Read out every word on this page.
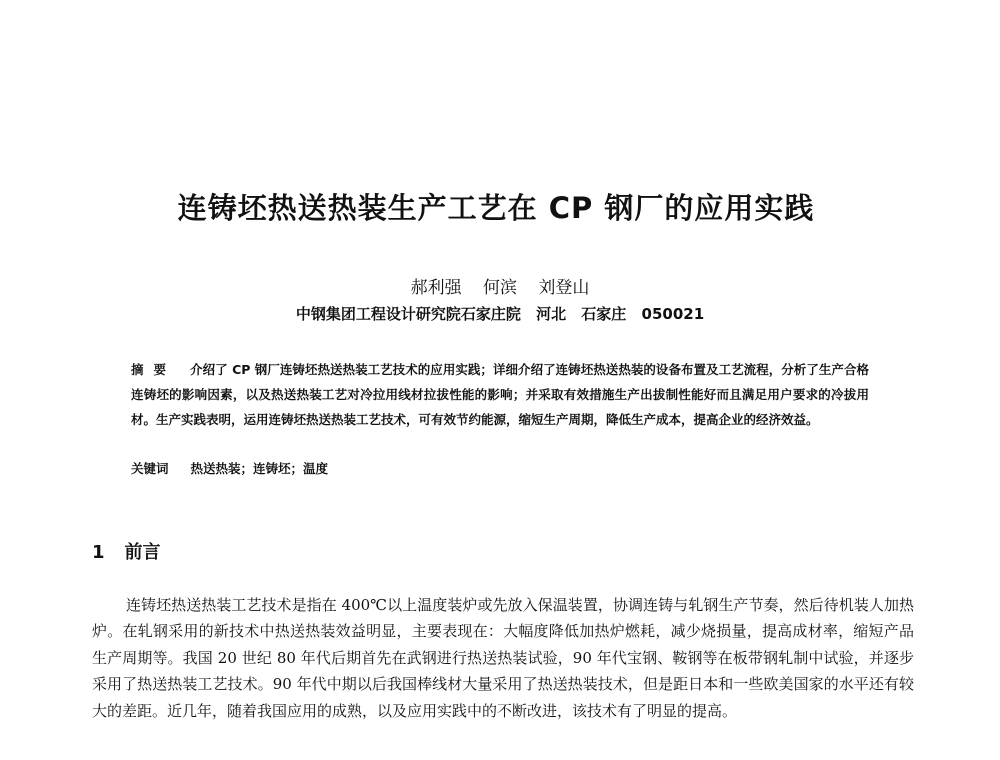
连铸坯热送热装生产工艺在 CP 钢厂的应用实践
郝利强 何滨 刘登山
中钢集团工程设计研究院石家庄院 河北 石家庄 050021
摘要 介绍了 CP 钢厂连铸坯热送热装工艺技术的应用实践；详细介绍了连铸坯热送热装的设备布置及工艺流程，分析了生产合格连铸坯的影响因素，以及热送热装工艺对冷拉用线材拉拔性能的影响；并采取有效措施生产出拔制性能好而且满足用户要求的冷拔用材。生产实践表明，运用连铸坯热送热装工艺技术，可有效节约能源，缩短生产周期，降低生产成本，提高企业的经济效益。
关键词 热送热装；连铸坯；温度
1 前言

连铸坯热送热装工艺技术是指在 400℃以上温度装炉或先放入保温装置，协调连铸与轧钢生产节奏，然后待机装人加热炉。在轧钢采用的新技术中热送热装效益明显，主要表现在：大幅度降低加热炉燃耗，减少烧损量，提高成材率，缩短产品生产周期等。我国 20 世纪 80 年代后期首先在武钢进行热送热装试验，90 年代宝钢、鞍钢等在板带钢轧制中试验，并逐步采用了热送热装工艺技术。90 年代中期以后我国棒线材大量采用了热送热装技术，但是距日本和一些欧美国家的水平还有较大的差距。近几年，随着我国应用的成熟，以及应用实践中的不断改进，该技术有了明显的提高。
